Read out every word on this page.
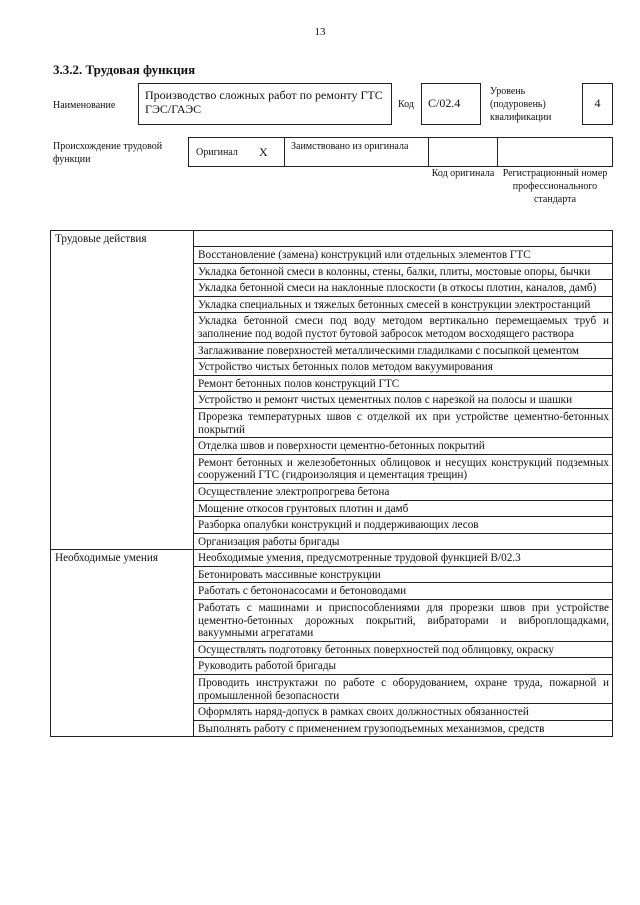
13
3.3.2. Трудовая функция
Наименование
Производство сложных работ по ремонту ГТС ГЭС/ГАЭС	Код	C/02.4
Уровень (подуровень) квалификации
4
Происхождение трудовой функции
Оригинал X Заимствовано из оригинала
Код оригинала Регистрационный номер профессионального стандарта
Трудовые действия	
	Восстановление (замена) конструкций или отдельных элементов ГТС
	Укладка бетонной смеси в колонны, стены, балки, плиты, мостовые опоры, бычки
	Укладка бетонной смеси на наклонные плоскости (в откосы плотин, каналов, дамб)
	Укладка специальных и тяжелых бетонных смесей в конструкции электростанций
	Укладка бетонной смеси под воду методом вертикально перемещаемых труб и заполнение под водой пустот бутовой забросок методом восходящего раствора
	Заглаживание поверхностей металлическими гладилками с посыпкой цементом
	Устройство чистых бетонных полов методом вакуумирования
	Ремонт бетонных полов конструкций ГТС
	Устройство и ремонт чистых цементных полов с нарезкой на полосы и шашки
	Прорезка температурных швов с отделкой их при устройстве цементно-бетонных покрытий
	Отделка швов и поверхности цементно-бетонных покрытий
	Ремонт бетонных и железобетонных облицовок и несущих конструкций подземных сооружений ГТС (гидроизоляция и цементация трещин)
	Осуществление электропрогрева бетона
	Мощение откосов грунтовых плотин и дамб
	Разборка опалубки конструкций и поддерживающих лесов
	Организация работы бригады
Необходимые умения	Необходимые умения, предусмотренные трудовой функцией В/02.3
	Бетонировать массивные конструкции
	Работать с бетононасосами и бетоноводами
	Работать с машинами и приспособлениями для прорезки швов при устройстве цементно-бетонных дорожных покрытий, вибраторами и виброплощадками, вакуумными агрегатами
	Осуществлять подготовку бетонных поверхностей под облицовку, окраску
	Руководить работой бригады
	Проводить инструктажи по работе с оборудованием, охране труда, пожарной и промышленной безопасности
	Оформлять наряд-допуск в рамках своих должностных обязанностей
	Выполнять работу с применением грузоподъемных механизмов, средств
